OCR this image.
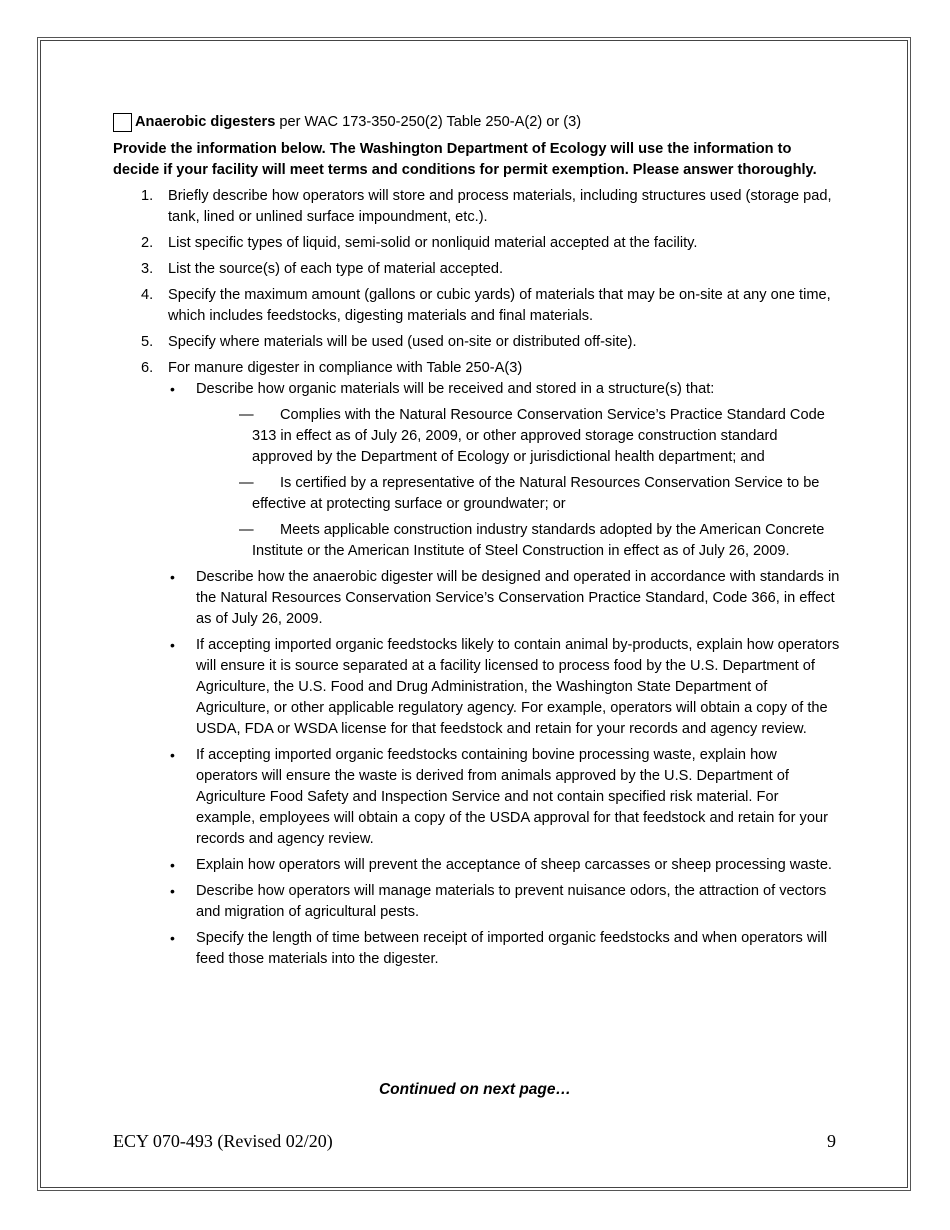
Anaerobic digesters per WAC 173-350-250(2) Table 250-A(2) or (3)

Provide the information below. The Washington Department of Ecology will use the information to decide if your facility will meet terms and conditions for permit exemption. Please answer thoroughly.

1. Briefly describe how operators will store and process materials, including structures used (storage pad, tank, lined or unlined surface impoundment, etc.).
2. List specific types of liquid, semi-solid or nonliquid material accepted at the facility.
3. List the source(s) of each type of material accepted.
4. Specify the maximum amount (gallons or cubic yards) of materials that may be on-site at any one time, which includes feedstocks, digesting materials and final materials.
5. Specify where materials will be used (used on-site or distributed off-site).
6. For manure digester in compliance with Table 250-A(3)
• Describe how organic materials will be received and stored in a structure(s) that:
—	Complies with the Natural Resource Conservation Service’s Practice Standard Code 313 in effect as of July 26, 2009, or other approved storage construction standard approved by the Department of Ecology or jurisdictional health department; and
—	Is certified by a representative of the Natural Resources Conservation Service to be effective at protecting surface or groundwater; or
—	Meets applicable construction industry standards adopted by the American Concrete Institute or the American Institute of Steel Construction in effect as of July 26, 2009.
• Describe how the anaerobic digester will be designed and operated in accordance with standards in the Natural Resources Conservation Service’s Conservation Practice Standard, Code 366, in effect as of July 26, 2009.
• If accepting imported organic feedstocks likely to contain animal by-products, explain how operators will ensure it is source separated at a facility licensed to process food by the U.S. Department of Agriculture, the U.S. Food and Drug Administration, the Washington State Department of Agriculture, or other applicable regulatory agency. For example, operators will obtain a copy of the USDA, FDA or WSDA license for that feedstock and retain for your records and agency review.
• If accepting imported organic feedstocks containing bovine processing waste, explain how operators will ensure the waste is derived from animals approved by the U.S. Department of Agriculture Food Safety and Inspection Service and not contain specified risk material. For example, employees will obtain a copy of the USDA approval for that feedstock and retain for your records and agency review.
• Explain how operators will prevent the acceptance of sheep carcasses or sheep processing waste.
• Describe how operators will manage materials to prevent nuisance odors, the attraction of vectors and migration of agricultural pests.
• Specify the length of time between receipt of imported organic feedstocks and when operators will feed those materials into the digester.
Continued on next page…
ECY 070-493 (Revised 02/20)	9
